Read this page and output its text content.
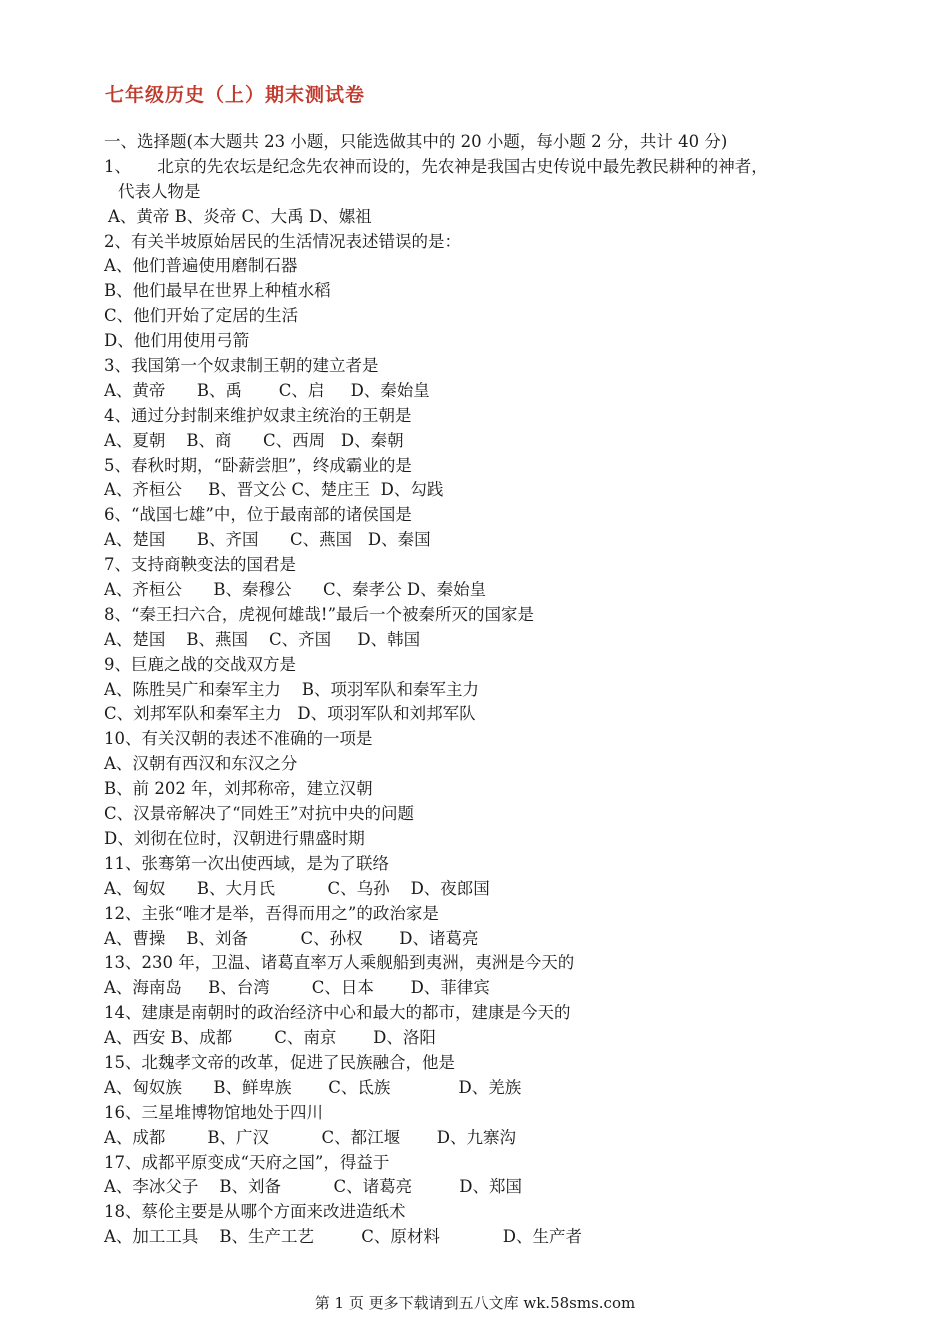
七年级历史（上）期末测试卷
一、选择题(本大题共 23 小题，只能选做其中的 20 小题，每小题 2 分，共计 40 分)
1、     北京的先农坛是纪念先农神而设的，先农神是我国古史传说中最先教民耕种的神者，
代表人物是
A、黄帝 B、炎帝 C、大禹 D、嫘祖
2、有关半坡原始居民的生活情况表述错误的是：
A、他们普遍使用磨制石器
B、他们最早在世界上种植水稻
C、他们开始了定居的生活
D、他们用使用弓箭
3、我国第一个奴隶制王朝的建立者是
A、黄帝      B、禹       C、启     D、秦始皇
4、通过分封制来维护奴隶主统治的王朝是
A、夏朝    B、商      C、西周   D、秦朝
5、春秋时期，“卧薪尝胆”，终成霸业的是
A、齐桓公     B、晋文公 C、楚庄王  D、勾践
6、“战国七雄”中，位于最南部的诸侯国是
A、楚国      B、齐国      C、燕国   D、秦国
7、支持商鞅变法的国君是
A、齐桓公      B、秦穆公      C、秦孝公 D、秦始皇
8、“秦王扫六合，虎视何雄哉!”最后一个被秦所灭的国家是
A、楚国    B、燕国    C、齐国     D、韩国
9、巨鹿之战的交战双方是
A、陈胜吴广和秦军主力    B、项羽军队和秦军主力
C、刘邦军队和秦军主力   D、项羽军队和刘邦军队
10、有关汉朝的表述不准确的一项是
A、汉朝有西汉和东汉之分
B、前 202 年，刘邦称帝，建立汉朝
C、汉景帝解决了“同姓王”对抗中央的问题
D、刘彻在位时，汉朝进行鼎盛时期
11、张骞第一次出使西域，是为了联络
A、匈奴      B、大月氏          C、乌孙    D、夜郎国
12、主张“唯才是举，吾得而用之”的政治家是
A、曹操    B、刘备          C、孙权       D、诸葛亮
13、230 年，卫温、诸葛直率万人乘舰船到夷洲，夷洲是今天的
A、海南岛     B、台湾        C、日本       D、菲律宾
14、建康是南朝时的政治经济中心和最大的都市，建康是今天的
A、西安 B、成都        C、南京       D、洛阳
15、北魏孝文帝的改革，促进了民族融合，他是
A、匈奴族      B、鲜卑族       C、氐族             D、羌族
16、三星堆博物馆地处于四川
A、成都        B、广汉          C、都江堰       D、九寨沟
17、成都平原变成“天府之国”，得益于
A、李冰父子    B、刘备          C、诸葛亮         D、郑国
18、蔡伦主要是从哪个方面来改进造纸术
A、加工工具    B、生产工艺         C、原材料            D、生产者
第 1 页 更多下载请到五八文库 wk.58sms.com
